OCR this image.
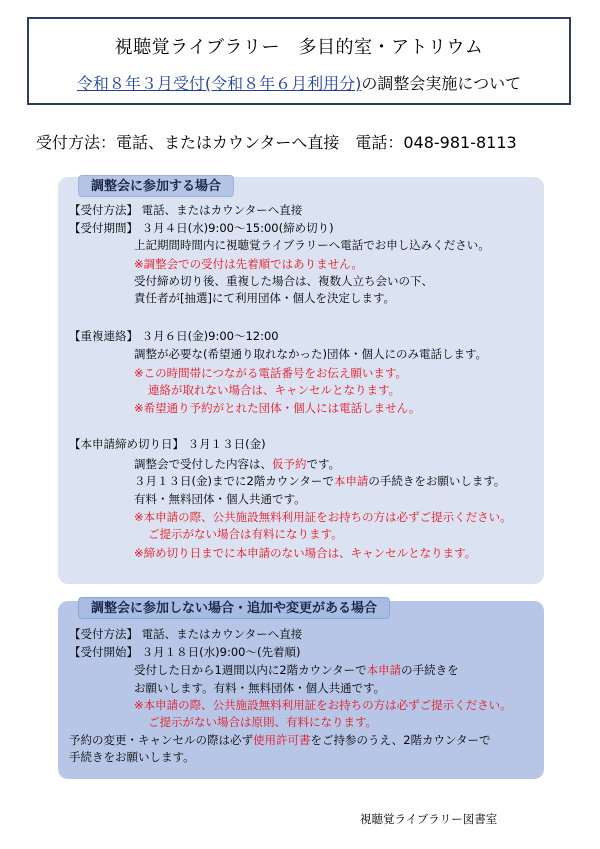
視聴覚ライブラリー　多目的室・アトリウム
令和８年３月受付(令和８年６月利用分)の調整会実施について
受付方法：電話、またはカウンターへ直接　電話：048-981-8113
調整会に参加する場合
【受付方法】 電話、またはカウンターへ直接
【受付期間】 ３月４日(水)9:00～15:00(締め切り)
上記期間時間内に視聴覚ライブラリーへ電話でお申し込みください。
※調整会での受付は先着順ではありません。
受付締め切り後、重複した場合は、複数人立ち会いの下、
責任者が[抽選]にて利用団体・個人を決定します。
【重複連絡】 ３月６日(金)9:00～12:00
調整が必要な(希望通り取れなかった)団体・個人にのみ電話します。
※この時間帯につながる電話番号をお伝え願います。
連絡が取れない場合は、キャンセルとなります。
※希望通り予約がとれた団体・個人には電話しません。
【本申請締め切り日】 ３月１３日(金)
調整会で受付した内容は、仮予約です。
３月１３日(金)までに2階カウンターで本申請の手続きをお願いします。
有料・無料団体・個人共通です。
※本申請の際、公共施設無料利用証をお持ちの方は必ずご提示ください。
ご提示がない場合は有料になります。
※締め切り日までに本申請のない場合は、キャンセルとなります。
調整会に参加しない場合・追加や変更がある場合
【受付方法】 電話、またはカウンターへ直接
【受付開始】 ３月１８日(水)9:00～(先着順)
受付した日から1週間以内に2階カウンターで本申請の手続きを
お願いします。有料・無料団体・個人共通です。
※本申請の際、公共施設無料利用証をお持ちの方は必ずご提示ください。
ご提示がない場合は原則、有料になります。
予約の変更・キャンセルの際は必ず使用許可書をご持参のうえ、2階カウンターで
手続きをお願いします。
視聴覚ライブラリー図書室
